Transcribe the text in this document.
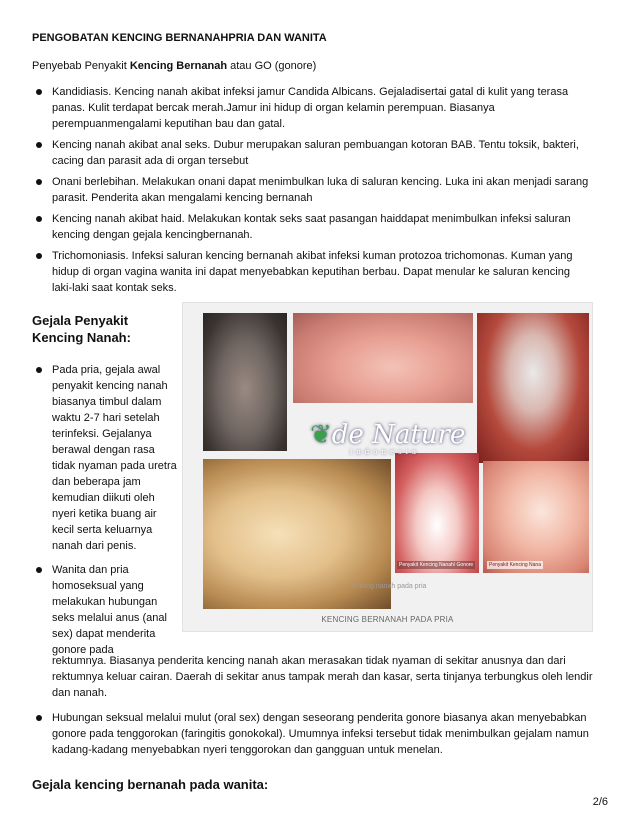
PENGOBATAN KENCING BERNANAHPRIA DAN WANITA
Penyebab Penyakit Kencing Bernanah atau GO (gonore)
Kandidiasis. Kencing nanah akibat infeksi jamur Candida Albicans. Gejaladisertai gatal di kulit yang terasa panas. Kulit terdapat bercak merah.Jamur ini hidup di organ kelamin perempuan. Biasanya perempuanmengalami keputihan bau dan gatal.
Kencing nanah akibat anal seks. Dubur merupakan saluran pembuangan kotoran BAB. Tentu toksik, bakteri, cacing dan parasit ada di organ tersebut
Onani berlebihan. Melakukan onani dapat menimbulkan luka di saluran kencing. Luka ini akan menjadi sarang parasit. Penderita akan mengalami kencing bernanah
Kencing nanah akibat haid. Melakukan kontak seks saat pasangan haiddapat menimbulkan infeksi saluran kencing dengan gejala kencingbernanah.
Trichomoniasis. Infeksi saluran kencing bernanah akibat infeksi kuman protozoa trichomonas. Kuman yang hidup di organ vagina wanita ini dapat menyebabkan keputihan berbau. Dapat menular ke saluran kencing laki-laki saat kontak seks.
Gejala Penyakit Kencing Nanah:
Pada pria, gejala awal penyakit kencing nanah biasanya timbul dalam waktu 2-7 hari setelah terinfeksi. Gejalanya berawal dengan rasa tidak nyaman pada uretra dan beberapa jam kemudian diikuti oleh nyeri ketika buang air kecil serta keluarnya nanah dari penis.
Wanita dan pria homoseksual yang melakukan hubungan seks melalui anus (anal sex) dapat menderita gonore pada
Penyakit Kencing Nanah/ Gonore	Penyakit Kencing Nana
Kencing nanah pada pria
KENCING BERNANAH PADA PRIA
❦de Nature
indonesia
rektumnya. Biasanya penderita kencing nanah akan merasakan tidak nyaman di sekitar anusnya dan dari rektumnya keluar cairan. Daerah di sekitar anus tampak merah dan kasar, serta tinjanya terbungkus oleh lendir dan nanah.
Hubungan seksual melalui mulut (oral sex) dengan seseorang penderita gonore biasanya akan menyebabkan gonore pada tenggorokan (faringitis gonokokal). Umumnya infeksi tersebut tidak menimbulkan gejalam namun kadang-kadang menyebabkan nyeri tenggorokan dan gangguan untuk menelan.
Gejala kencing bernanah pada wanita:
2/6
